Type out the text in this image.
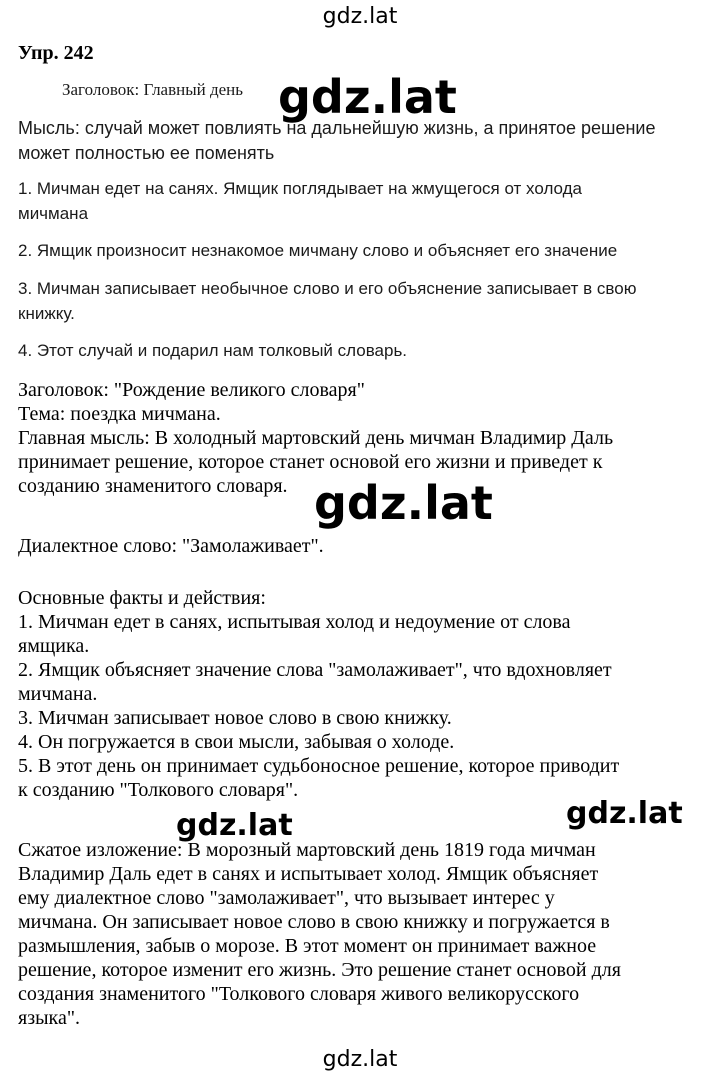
gdz.lat
Упр. 242
Заголовок: Главный день gdz.lat
Мысль: случай может повлиять на дальнейшую жизнь, а принятое решение
может полностью ее поменять
1. Мичман едет на санях. Ямщик поглядывает на жмущегося от холода
мичмана
2. Ямщик произносит незнакомое мичману слово и объясняет его значение
3. Мичман записывает необычное слово и его объяснение записывает в свою
книжку.
4. Этот случай и подарил нам толковый словарь.
Заголовок: "Рождение великого словаря"
Тема: поездка мичмана.
Главная мысль: В холодный мартовский день мичман Владимир Даль
принимает решение, которое станет основой его жизни и приведет к
созданию знаменитого словаря. gdz.lat
Диалектное слово: "Замолаживает".
Основные факты и действия:
1. Мичман едет в санях, испытывая холод и недоумение от слова
ямщика.
2. Ямщик объясняет значение слова "замолаживает", что вдохновляет
мичмана.
3. Мичман записывает новое слово в свою книжку.
4. Он погружается в свои мысли, забывая о холоде.
5. В этот день он принимает судьбоносное решение, которое приводит
к созданию "Толкового словаря".
gdz.lat
gdz.lat
Сжатое изложение: В морозный мартовский день 1819 года мичман
Владимир Даль едет в санях и испытывает холод. Ямщик объясняет
ему диалектное слово "замолаживает", что вызывает интерес у
мичмана. Он записывает новое слово в свою книжку и погружается в
размышления, забыв о морозе. В этот момент он принимает важное
решение, которое изменит его жизнь. Это решение станет основой для
создания знаменитого "Толкового словаря живого великорусского
языка".
gdz.lat
